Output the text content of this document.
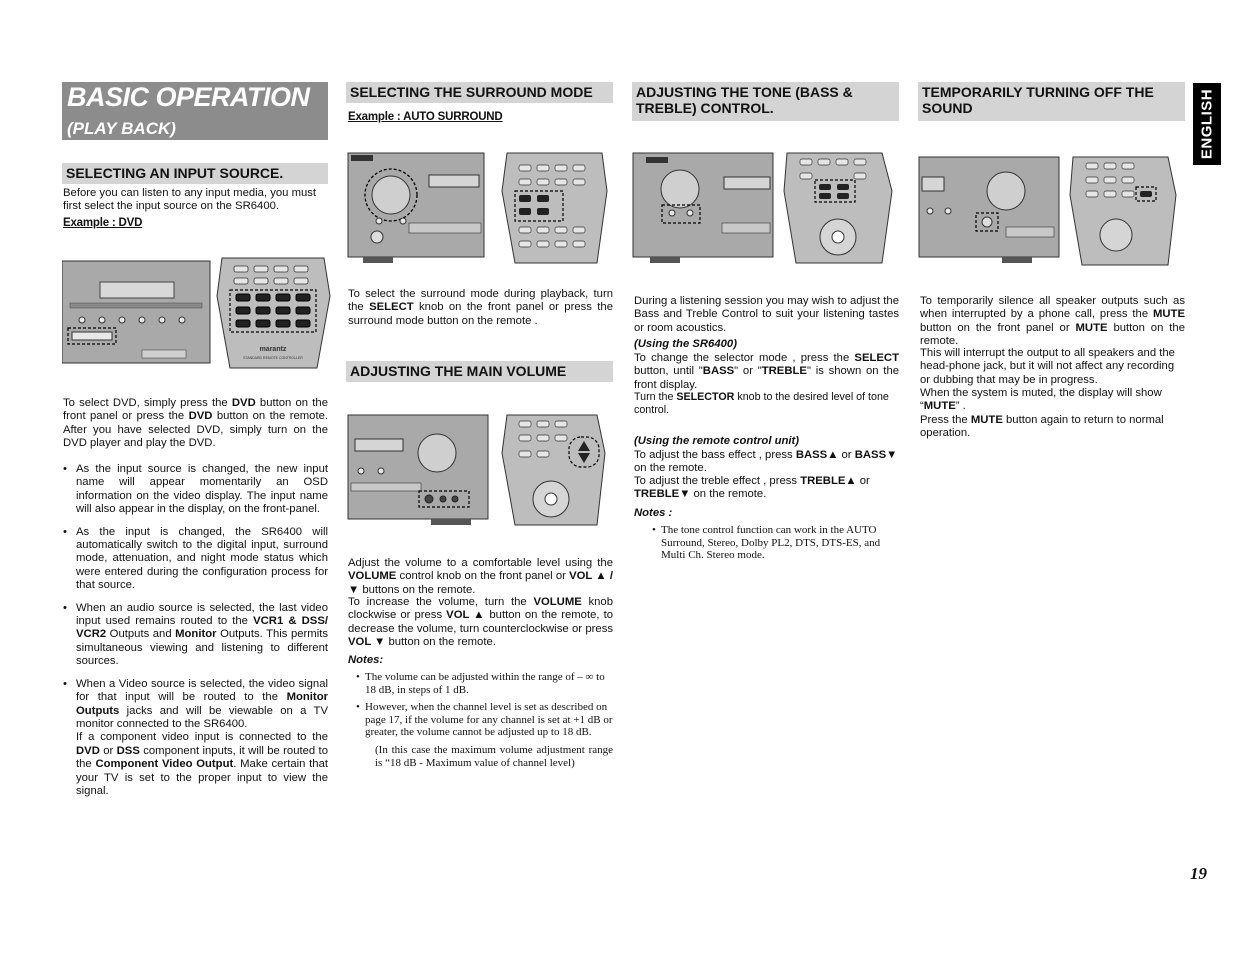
BASIC OPERATION
(PLAY BACK)	ENGLISH
19
SELECTING AN INPUT SOURCE.
Before you can listen to any input media, you must first select the input source on the SR6400.
Example : DVD
marantz
STANDARD REMOTE CONTROLLER
To select DVD, simply press the DVD button on the front panel or press the DVD button on the remote. After you have selected DVD, simply turn on the DVD player and play the DVD.
• As the input source is changed, the new input name will appear momentarily an OSD information on the video display. The input name will also appear in the display, on the front-panel.
• As the input is changed, the SR6400 will automatically switch to the digital input, surround mode, attenuation, and night mode status which were entered during the configuration process for that source.
• When an audio source is selected, the last video input used remains routed to the VCR1 & DSS/ VCR2 Outputs and Monitor Outputs. This permits simultaneous viewing and listening to different sources.
• When a Video source is selected, the video signal for that input will be routed to the Monitor Outputs jacks and will be viewable on a TV monitor connected to the SR6400.
If a component video input is connected to the DVD or DSS component inputs, it will be routed to the Component Video Output. Make certain that your TV is set to the proper input to view the signal.
SELECTING THE SURROUND MODE
Example : AUTO SURROUND
To select the surround mode during playback, turn the SELECT knob on the front panel or press the surround mode button on the remote .
ADJUSTING THE MAIN VOLUME
Adjust the volume to a comfortable level using the VOLUME control knob on the front panel or VOL ▲ / ▼ buttons on the remote.
To increase the volume, turn the VOLUME knob clockwise or press VOL ▲ button on the remote, to decrease the volume, turn counterclockwise or press VOL ▼ button on the remote.
Notes:
• The volume can be adjusted within the range of – ∞ to 18 dB, in steps of 1 dB.
• However, when the channel level is set as described on page 17, if the volume for any channel is set at +1 dB or greater, the volume cannot be adjusted up to 18 dB.
(In this case the maximum volume adjustment range is “18 dB - Maximum value of channel level)
ADJUSTING THE TONE (BASS & TREBLE) CONTROL.
During a listening session you may wish to adjust the Bass and Treble Control to suit your listening tastes or room acoustics.
(Using the SR6400)
To change the selector mode , press the SELECT button, until "BASS" or "TREBLE" is shown on the front display.
Turn the SELECTOR knob to the desired level of tone control.
(Using the remote control unit)
To adjust the bass effect , press BASS▲ or BASS▼ on the remote.
To adjust the treble effect , press TREBLE▲ or TREBLE▼ on the remote.
Notes :
• The tone control function can work in the AUTO Surround, Stereo, Dolby PL2, DTS, DTS-ES, and Multi Ch. Stereo mode.
TEMPORARILY TURNING OFF THE SOUND
To temporarily silence all speaker outputs such as when interrupted by a phone call, press the MUTE button on the front panel or MUTE button on the remote.
This will interrupt the output to all speakers and the head-phone jack, but it will not affect any recording or dubbing that may be in progress.
When the system is muted, the display will show “MUTE” .
Press the MUTE button again to return to normal operation.
